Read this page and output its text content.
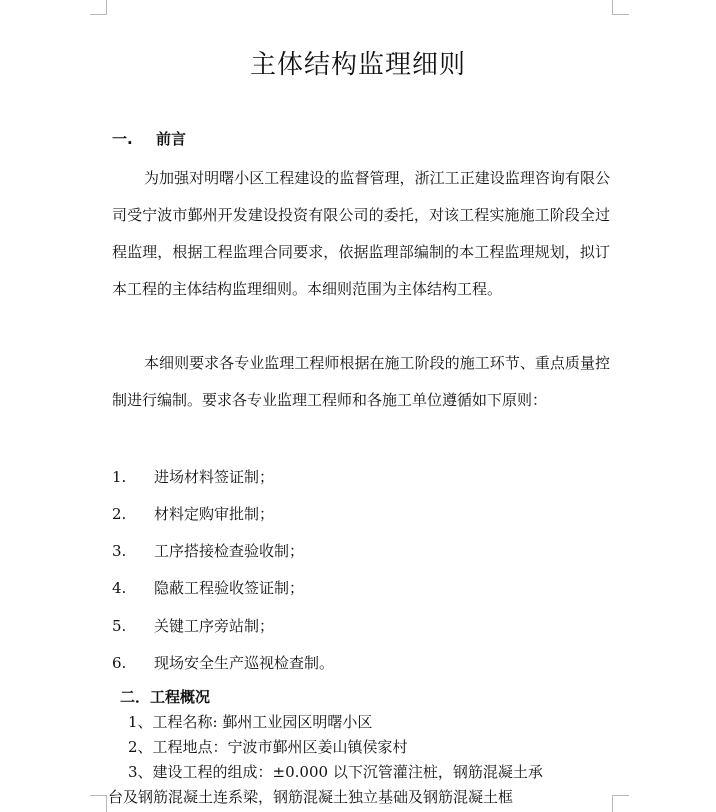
主体结构监理细则
一. 前言

为加强对明曙小区工程建设的监督管理，浙江工正建设监理咨询有限公司受宁波市鄞州开发建设投资有限公司的委托，对该工程实施施工阶段全过程监理，根据工程监理合同要求，依据监理部编制的本工程监理规划，拟订本工程的主体结构监理细则。本细则范围为主体结构工程。

本细则要求各专业监理工程师根据在施工阶段的施工环节、重点质量控制进行编制。要求各专业监理工程师和各施工单位遵循如下原则：

1. 进场材料签证制；
2. 材料定购审批制；
3. 工序搭接检查验收制；
4. 隐蔽工程验收签证制；
5. 关键工序旁站制；
6. 现场安全生产巡视检查制。
二．工程概况

1、工程名称: 鄞州工业园区明曙小区

2、工程地点：宁波市鄞州区姜山镇侯家村

3、建设工程的组成：±0.000 以下沉管灌注桩，钢筋混凝土承
台及钢筋混凝土连系梁，钢筋混凝土独立基础及钢筋混凝土框
